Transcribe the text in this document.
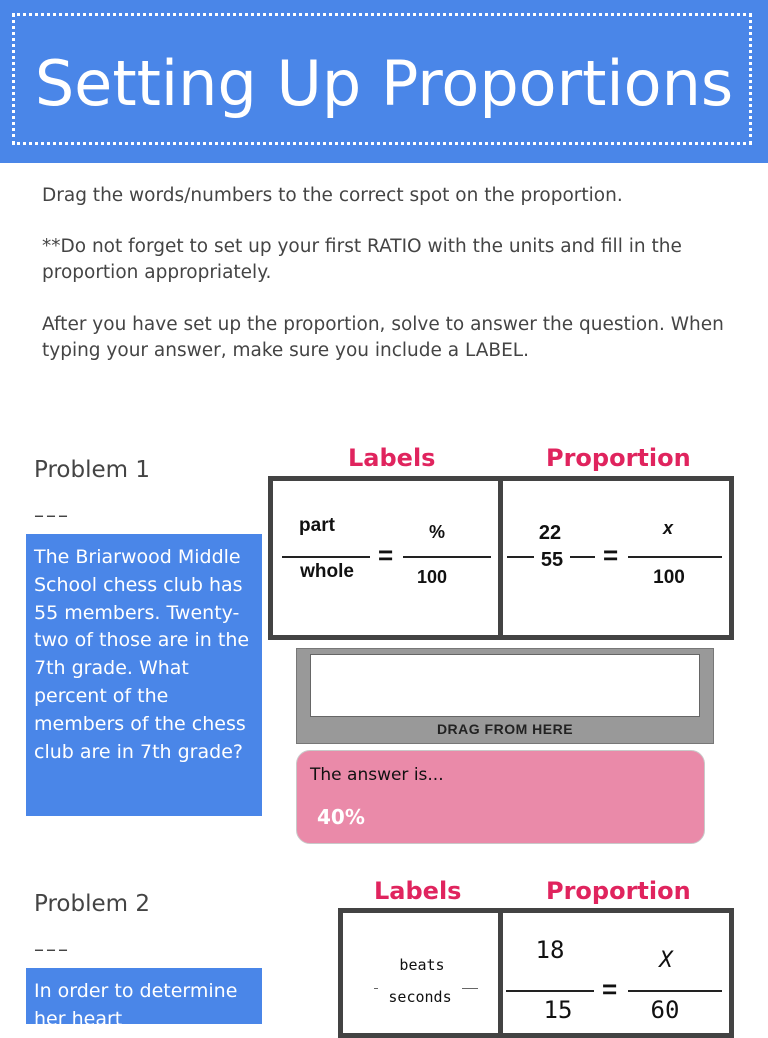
Setting Up Proportions
Drag the words/numbers to the correct spot on the proportion.
**Do not forget to set up your first RATIO with the units and fill in the proportion appropriately.
After you have set up the proportion, solve to answer the question. When typing your answer, make sure you include a LABEL.
Problem 1
–––
The Briarwood Middle School chess club has 55 members. Twenty-two of those are in the 7th grade. What percent of the members of the chess club are in 7th grade?
Labels	Proportion
part
whole
=
%
100
22
55 =
x
100
DRAG FROM HERE
The answer is...
40%
Problem 2
–––
In order to determine her heart
Labels	Proportion
beats
seconds
18
15
=
X
60
